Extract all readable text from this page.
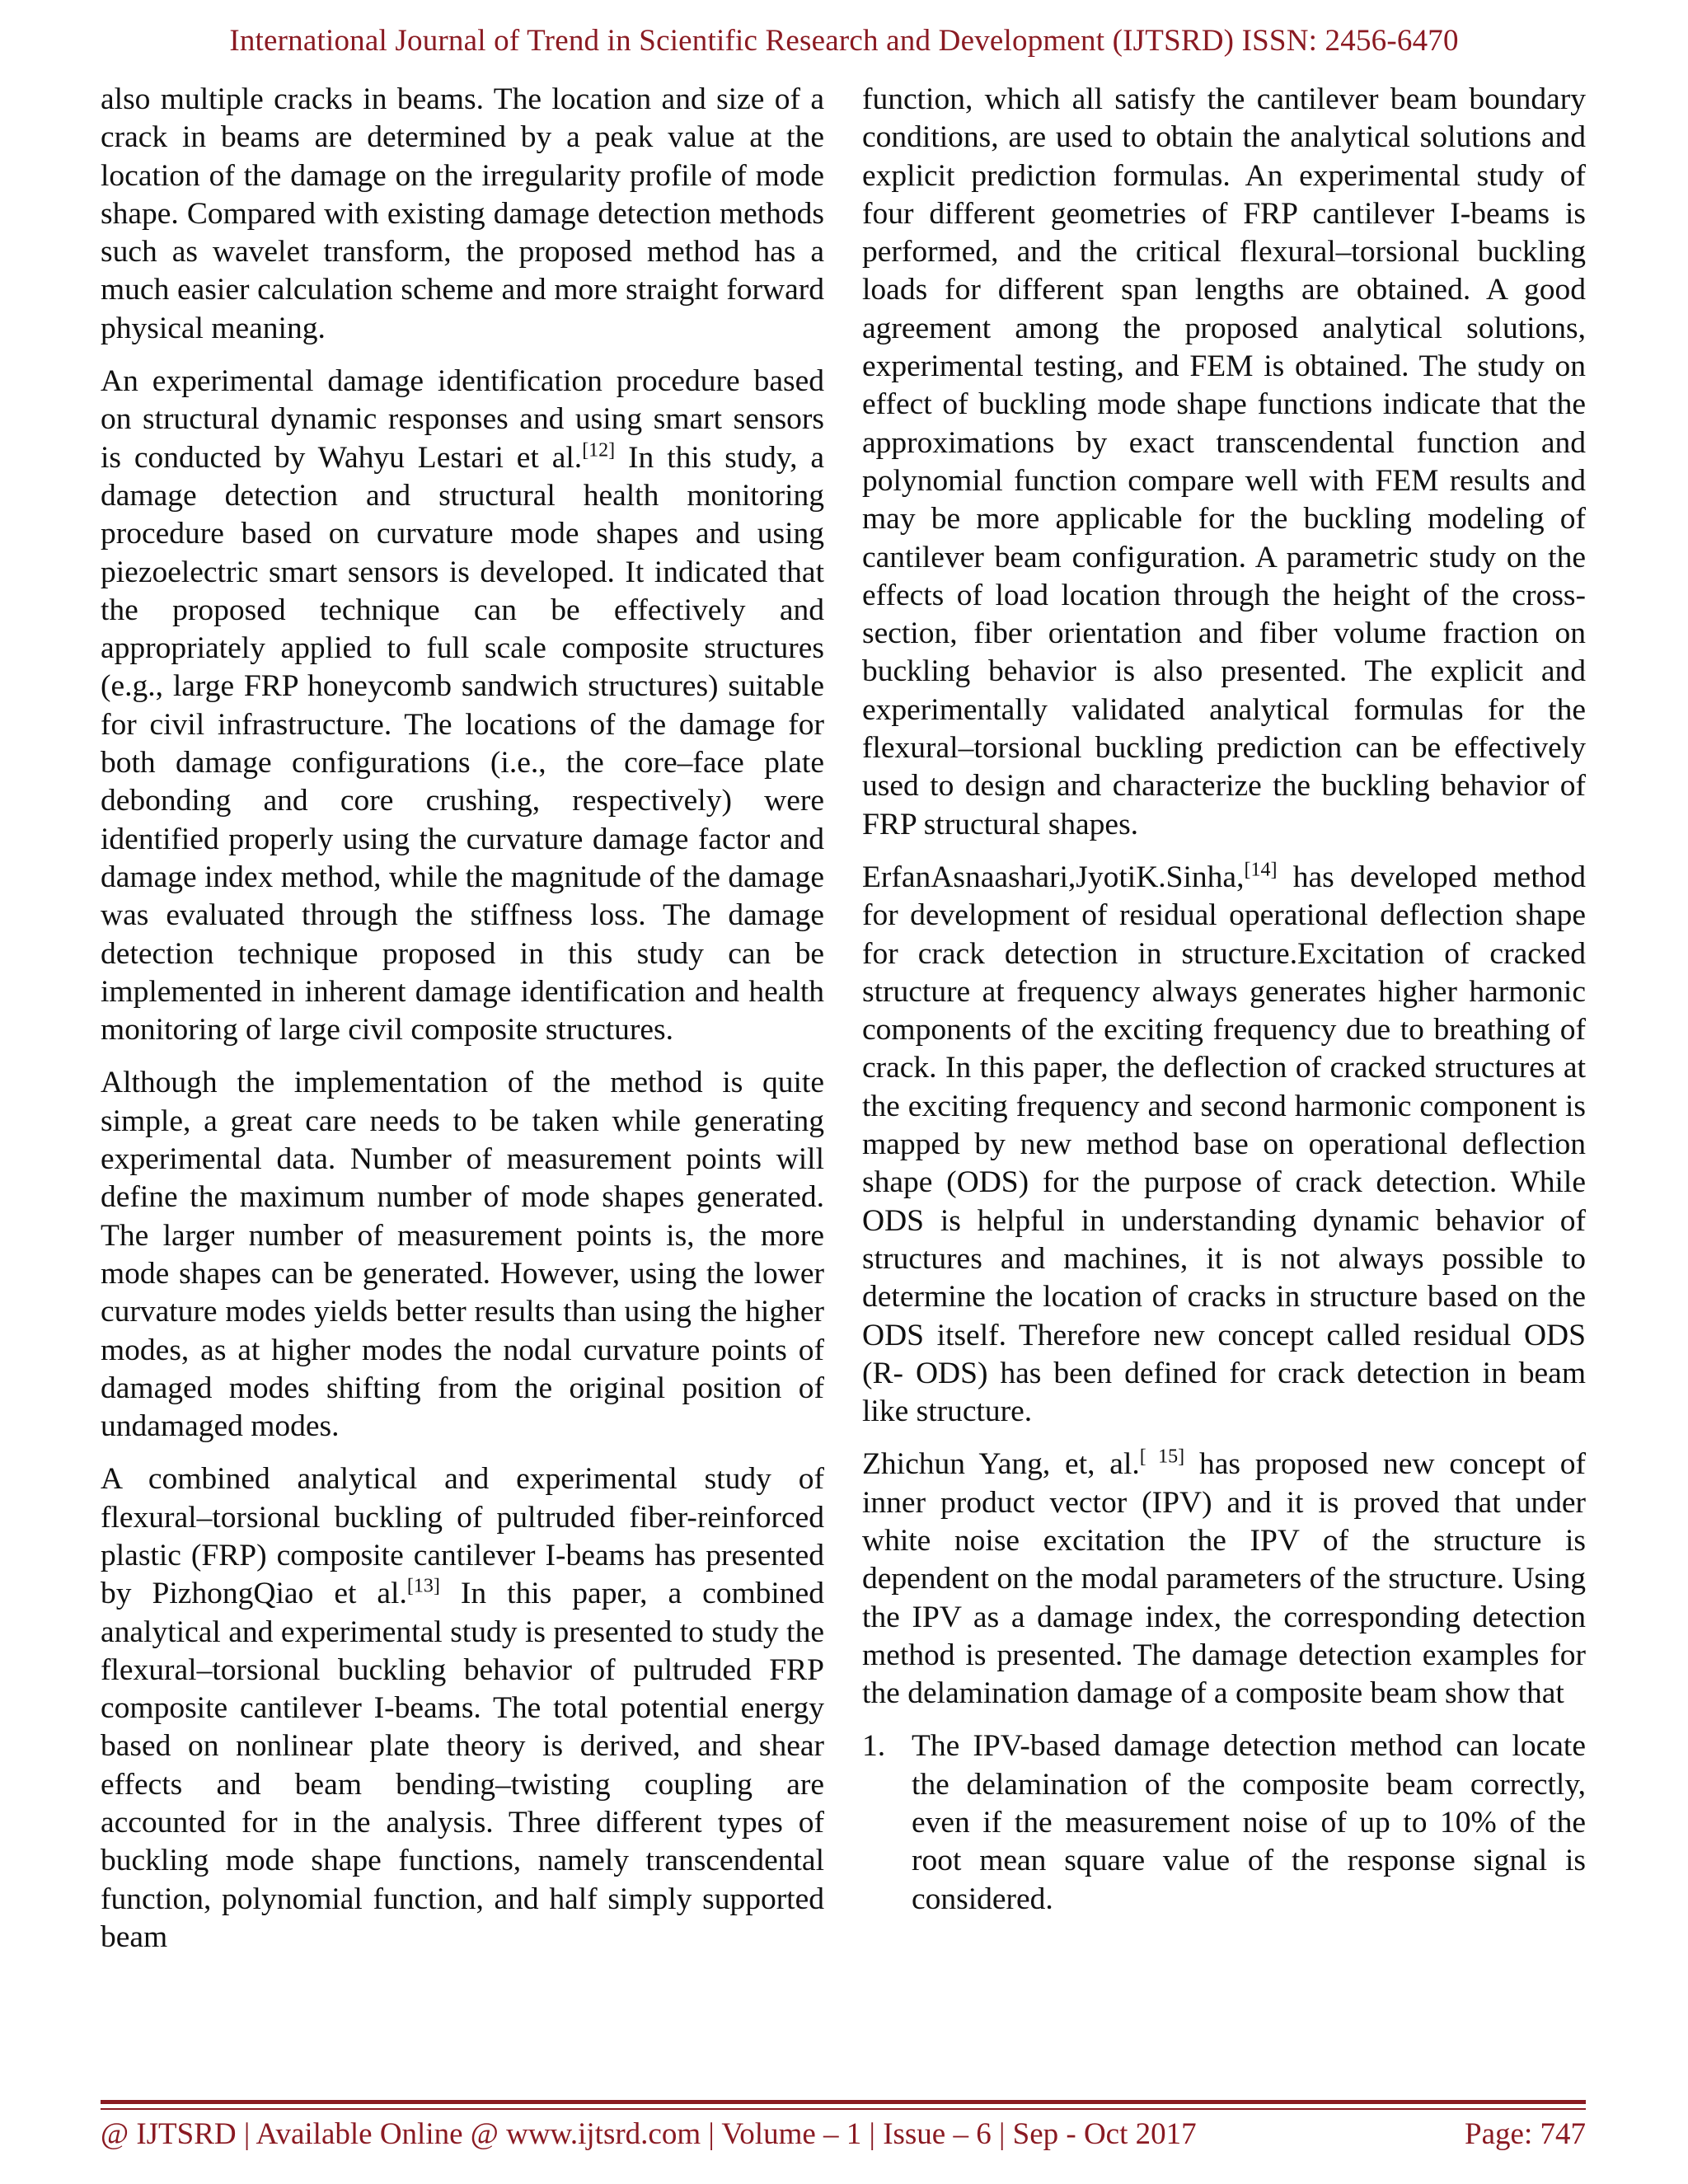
International Journal of Trend in Scientific Research and Development (IJTSRD) ISSN: 2456-6470

also multiple cracks in beams. The location and size of a crack in beams are determined by a peak value at the location of the damage on the irregularity profile of mode shape. Compared with existing damage detection methods such as wavelet transform, the proposed method has a much easier calculation scheme and more straight forward physical meaning.

An experimental damage identification procedure based on structural dynamic responses and using smart sensors is conducted by Wahyu Lestari et al.[12] In this study, a damage detection and structural health monitoring procedure based on curvature mode shapes and using piezoelectric smart sensors is developed. It indicated that the proposed technique can be effectively and appropriately applied to full scale composite structures (e.g., large FRP honeycomb sandwich structures) suitable for civil infrastructure. The locations of the damage for both damage configurations (i.e., the core–face plate debonding and core crushing, respectively) were identified properly using the curvature damage factor and damage index method, while the magnitude of the damage was evaluated through the stiffness loss. The damage detection technique proposed in this study can be implemented in inherent damage identification and health monitoring of large civil composite structures.

Although the implementation of the method is quite simple, a great care needs to be taken while generating experimental data. Number of measurement points will define the maximum number of mode shapes generated. The larger number of measurement points is, the more mode shapes can be generated. However, using the lower curvature modes yields better results than using the higher modes, as at higher modes the nodal curvature points of damaged modes shifting from the original position of undamaged modes.

A combined analytical and experimental study of flexural–torsional buckling of pultruded fiber-reinforced plastic (FRP) composite cantilever I-beams has presented by PizhongQiao et al.[13] In this paper, a combined analytical and experimental study is presented to study the flexural–torsional buckling behavior of pultruded FRP composite cantilever I-beams. The total potential energy based on nonlinear plate theory is derived, and shear effects and beam bending–twisting coupling are accounted for in the analysis. Three different types of buckling mode shape functions, namely transcendental function, polynomial function, and half simply supported beam

function, which all satisfy the cantilever beam boundary conditions, are used to obtain the analytical solutions and explicit prediction formulas. An experimental study of four different geometries of FRP cantilever I-beams is performed, and the critical flexural–torsional buckling loads for different span lengths are obtained. A good agreement among the proposed analytical solutions, experimental testing, and FEM is obtained. The study on effect of buckling mode shape functions indicate that the approximations by exact transcendental function and polynomial function compare well with FEM results and may be more applicable for the buckling modeling of cantilever beam configuration. A parametric study on the effects of load location through the height of the cross-section, fiber orientation and fiber volume fraction on buckling behavior is also presented. The explicit and experimentally validated analytical formulas for the flexural–torsional buckling prediction can be effectively used to design and characterize the buckling behavior of FRP structural shapes.

ErfanAsnaashari,JyotiK.Sinha,[14] has developed method for development of residual operational deflection shape for crack detection in structure.Excitation of cracked structure at frequency always generates higher harmonic components of the exciting frequency due to breathing of crack. In this paper, the deflection of cracked structures at the exciting frequency and second harmonic component is mapped by new method base on operational deflection shape (ODS) for the purpose of crack detection. While ODS is helpful in understanding dynamic behavior of structures and machines, it is not always possible to determine the location of cracks in structure based on the ODS itself. Therefore new concept called residual ODS (R- ODS) has been defined for crack detection in beam like structure.

Zhichun Yang, et, al.[ 15] has proposed new concept of inner product vector (IPV) and it is proved that under white noise excitation the IPV of the structure is dependent on the modal parameters of the structure. Using the IPV as a damage index, the corresponding detection method is presented. The damage detection examples for the delamination damage of a composite beam show that

1. The IPV-based damage detection method can locate the delamination of the composite beam correctly, even if the measurement noise of up to 10% of the root mean square value of the response signal is considered.
@ IJTSRD | Available Online @ www.ijtsrd.com | Volume – 1 | Issue – 6 | Sep - Oct 2017	Page: 747
